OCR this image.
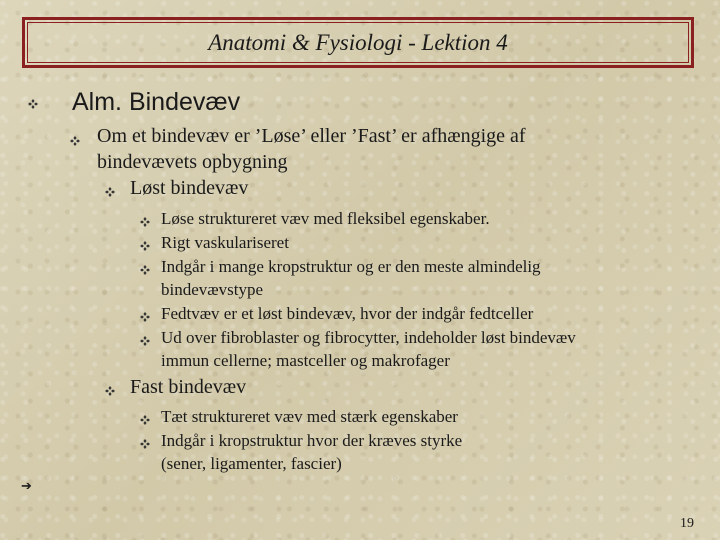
Anatomi & Fysiologi - Lektion 4
Alm. Bindevæv
Om et bindevæv er ’Løse’ eller ’Fast’ er afhængige af
bindevævets opbygning
Løst bindevæv
Løse struktureret væv med fleksibel egenskaber.
Rigt vaskulariseret
Indgår i mange kropstruktur og er den meste almindelig
bindevævstype
Fedtvæv er et løst bindevæv, hvor der indgår fedtceller
Ud over fibroblaster og fibrocytter, indeholder løst bindevæv
immun cellerne; mastceller og makrofager
Fast bindevæv
Tæt struktureret væv med stærk egenskaber
Indgår i kropstruktur hvor der kræves styrke
(sener, ligamenter, fascier)
➔
19
